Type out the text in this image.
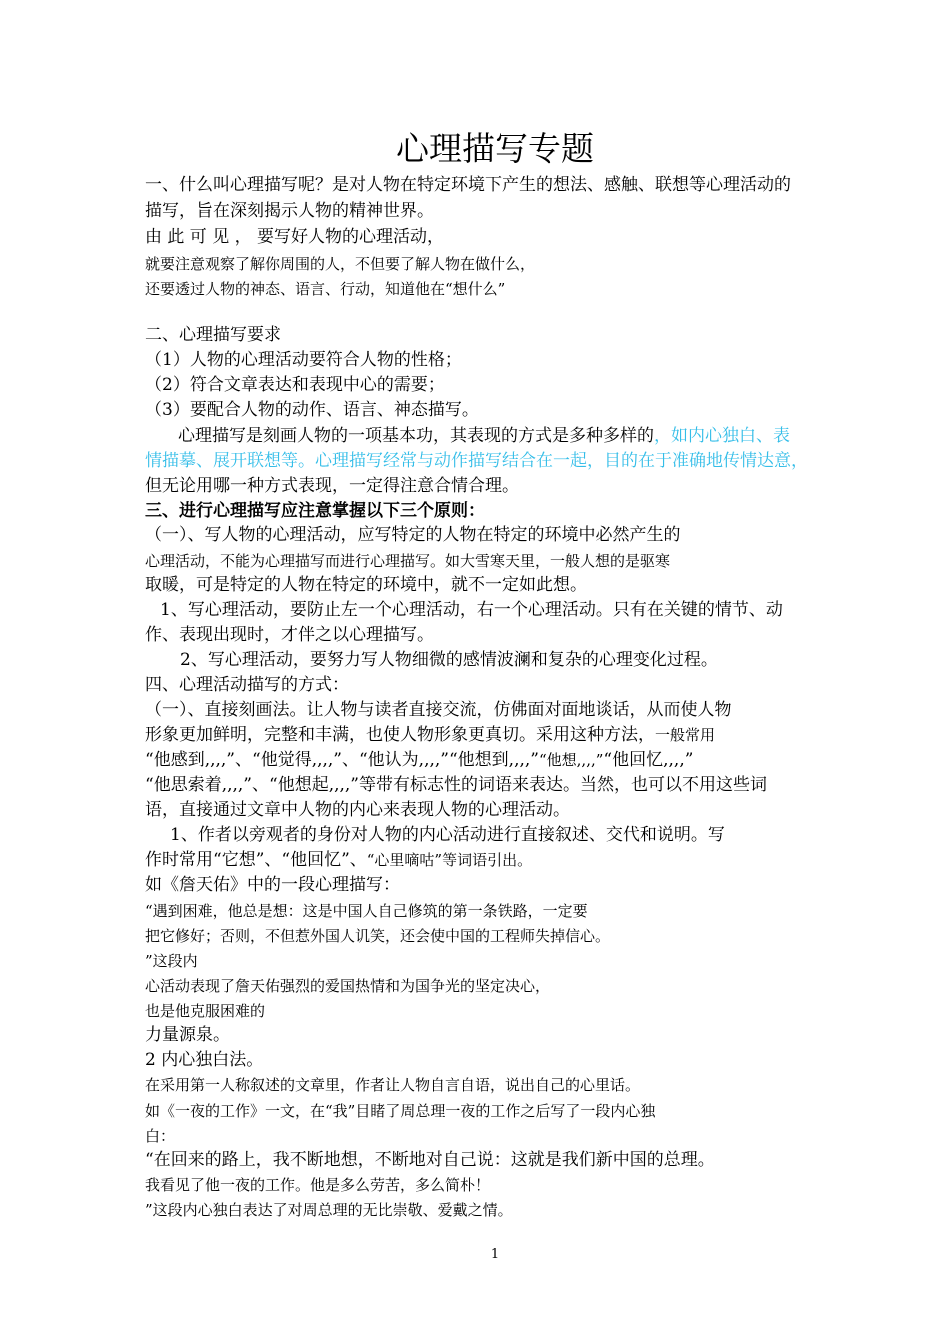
心理描写专题

一、什么叫心理描写呢？是对人物在特定环境下产生的想法、感触、联想等心理活动的

描写，旨在深刻揭示人物的精神世界。

由 此 可 见 ， 要写好人物的心理活动，

就要注意观察了解你周围的人，不但要了解人物在做什么，

还要透过人物的神态、语言、行动，知道他在“想什么”

二、心理描写要求

（1）人物的心理活动要符合人物的性格；

（2）符合文章表达和表现中心的需要；

（3）要配合人物的动作、语言、神态描写。

心理描写是刻画人物的一项基本功，其表现的方式是多种多样的，如内心独白、表

情描摹、展开联想等。心理描写经常与动作描写结合在一起，目的在于准确地传情达意，

但无论用哪一种方式表现，一定得注意合情合理。

三、进行心理描写应注意掌握以下三个原则：

（一）、写人物的心理活动，应写特定的人物在特定的环境中必然产生的

心理活动，不能为心理描写而进行心理描写。如大雪寒天里，一般人想的是驱寒

取暖，可是特定的人物在特定的环境中，就不一定如此想。

1、写心理活动，要防止左一个心理活动，右一个心理活动。只有在关键的情节、动

作、表现出现时，才伴之以心理描写。

2、写心理活动，要努力写人物细微的感情波澜和复杂的心理变化过程。

四、心理活动描写的方式：

（一）、直接刻画法。让人物与读者直接交流，仿佛面对面地谈话，从而使人物

形象更加鲜明，完整和丰满，也使人物形象更真切。采用这种方法，一般常用

“他感到,,,,”、“他觉得,,,,”、“他认为,,,,”“他想到,,,,”“他想,,,,”“他回忆,,,,”

“他思索着,,,,”、“他想起,,,,”等带有标志性的词语来表达。当然，也可以不用这些词

语，直接通过文章中人物的内心来表现人物的心理活动。

1、作者以旁观者的身份对人物的内心活动进行直接叙述、交代和说明。写

作时常用“它想”、“他回忆”、“心里嘀咕”等词语引出。

如《詹天佑》中的一段心理描写：

“遇到困难，他总是想：这是中国人自己修筑的第一条铁路，一定要

把它修好；否则，不但惹外国人讥笑，还会使中国的工程师失掉信心。

”这段内

心活动表现了詹天佑强烈的爱国热情和为国争光的坚定决心，

也是他克服困难的

力量源泉。

2 内心独白法。

在采用第一人称叙述的文章里，作者让人物自言自语，说出自己的心里话。

如《一夜的工作》一文，在“我”目睹了周总理一夜的工作之后写了一段内心独

白：

“在回来的路上，我不断地想，不断地对自己说：这就是我们新中国的总理。

我看见了他一夜的工作。他是多么劳苦，多么简朴！

”这段内心独白表达了对周总理的无比崇敬、爱戴之情。

1
